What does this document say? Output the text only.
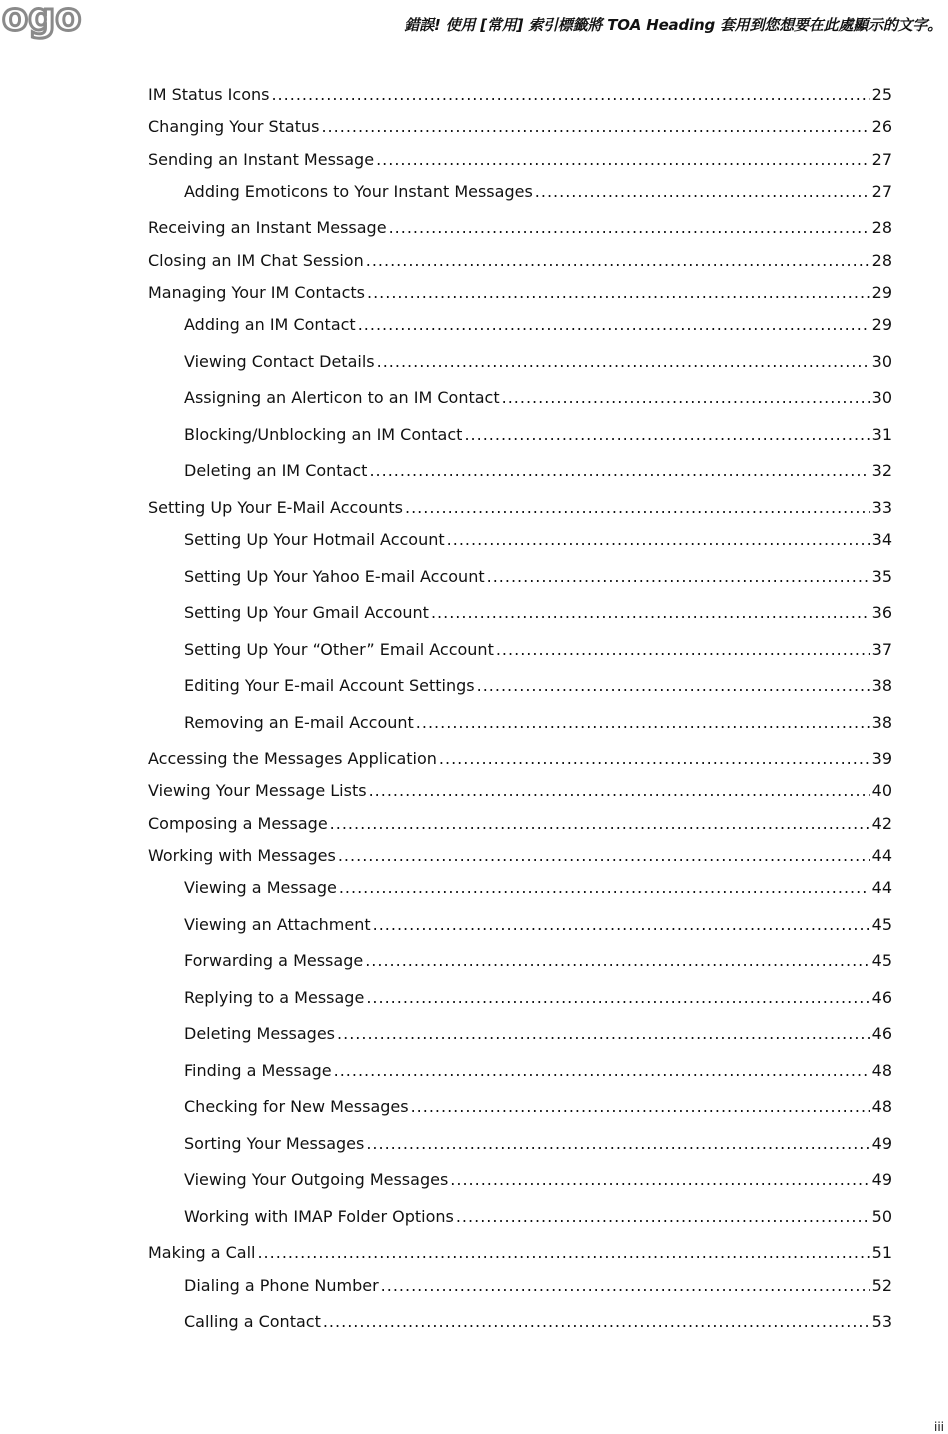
ogo	錯誤! 使用 [常用] 索引標籤將 TOA Heading 套用到您想要在此處顯示的文字。
IM Status Icons .....	25
Changing Your Status .....	26
Sending an Instant Message .....	27
Adding Emoticons to Your Instant Messages .....	27
Receiving an Instant Message .....	28
Closing an IM Chat Session .....	28
Managing Your IM Contacts .....	29
Adding an IM Contact .....	29
Viewing Contact Details .....	30
Assigning an Alerticon to an IM Contact .....	30
Blocking/Unblocking an IM Contact .....	31
Deleting an IM Contact .....	32
Setting Up Your E-Mail Accounts .....	33
Setting Up Your Hotmail Account .....	34
Setting Up Your Yahoo E-mail Account .....	35
Setting Up Your Gmail Account .....	36
Setting Up Your “Other” Email Account .....	37
Editing Your E-mail Account Settings .....	38
Removing an E-mail Account .....	38
Accessing the Messages Application .....	39
Viewing Your Message Lists .....	40
Composing a Message .....	42
Working with Messages .....	44
Viewing a Message .....	44
Viewing an Attachment .....	45
Forwarding a Message .....	45
Replying to a Message .....	46
Deleting Messages .....	46
Finding a Message .....	48
Checking for New Messages .....	48
Sorting Your Messages .....	49
Viewing Your Outgoing Messages .....	49
Working with IMAP Folder Options .....	50
Making a Call .....	51
Dialing a Phone Number .....	52
Calling a Contact .....	53
iii
